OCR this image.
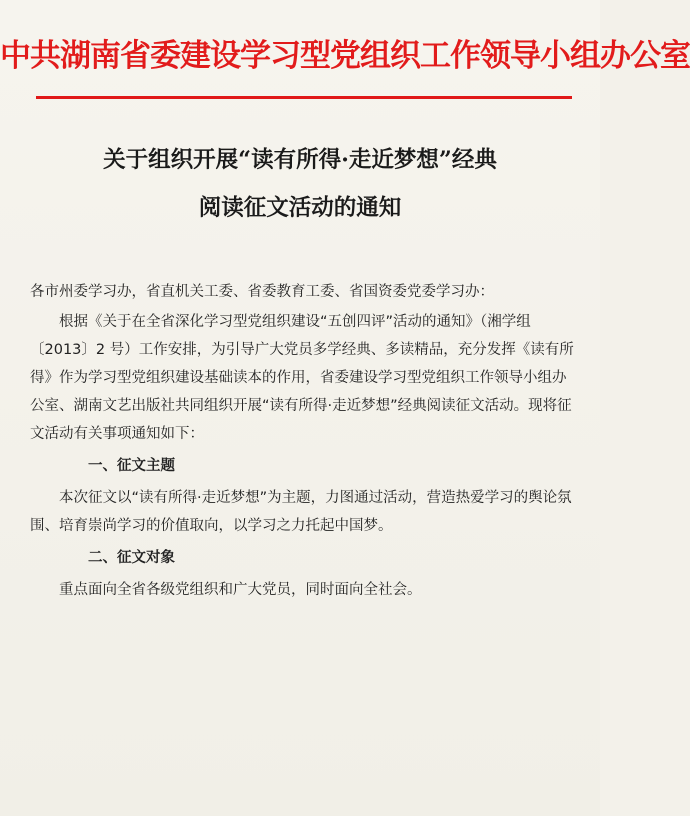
中共湖南省委建设学习型党组织工作领导小组办公室
关于组织开展“读有所得·走近梦想”经典
阅读征文活动的通知

各市州委学习办，省直机关工委、省委教育工委、省国资委党委学习办：

根据《关于在全省深化学习型党组织建设“五创四评”活动的通知》（湘学组〔2013〕2 号）工作安排，为引导广大党员多学经典、多读精品，充分发挥《读有所得》作为学习型党组织建设基础读本的作用，省委建设学习型党组织工作领导小组办公室、湖南文艺出版社共同组织开展“读有所得·走近梦想”经典阅读征文活动。现将征文活动有关事项通知如下：

一、征文主题

本次征文以“读有所得·走近梦想”为主题，力图通过活动，营造热爱学习的舆论氛围、培育崇尚学习的价值取向，以学习之力托起中国梦。

二、征文对象

重点面向全省各级党组织和广大党员，同时面向全社会。
